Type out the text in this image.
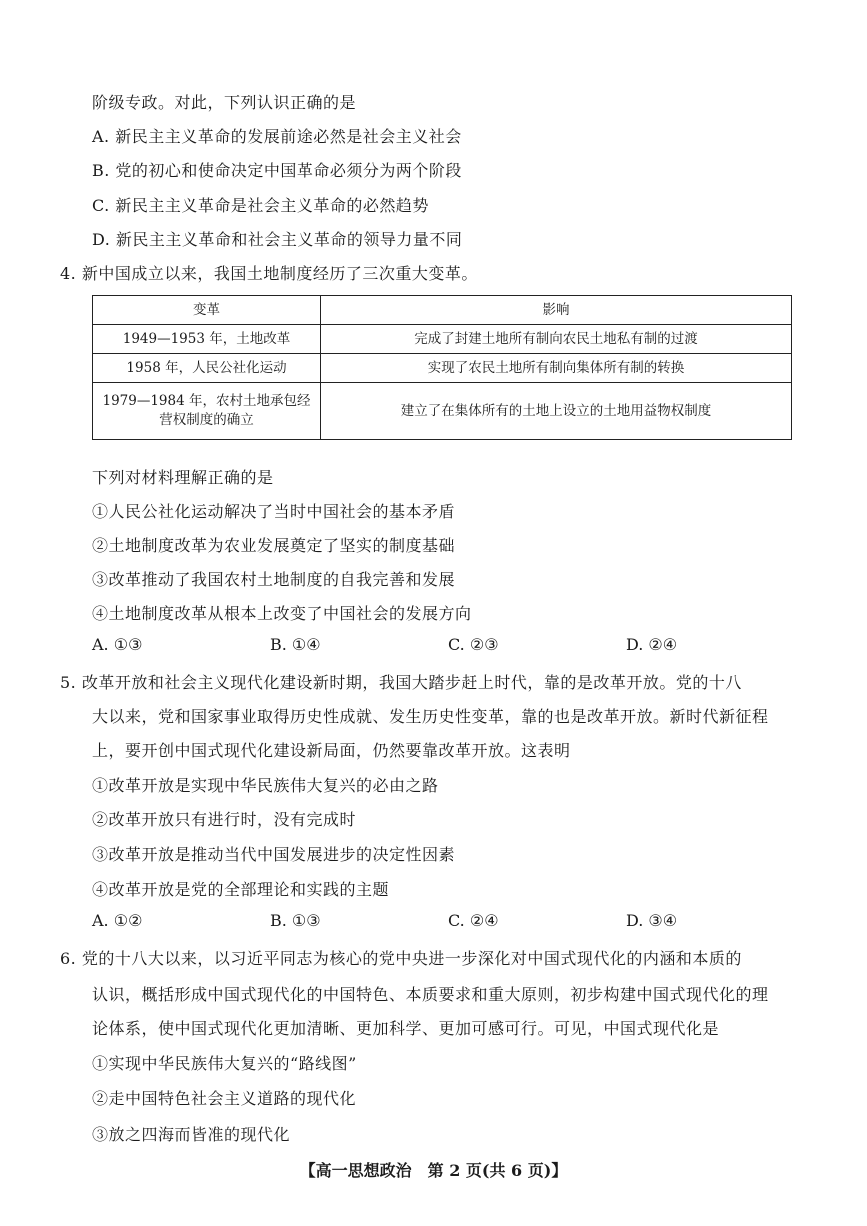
阶级专政。对此，下列认识正确的是
A. 新民主主义革命的发展前途必然是社会主义社会
B. 党的初心和使命决定中国革命必须分为两个阶段
C. 新民主主义革命是社会主义革命的必然趋势
D. 新民主主义革命和社会主义革命的领导力量不同
4. 新中国成立以来，我国土地制度经历了三次重大变革。
变革	影响
1949—1953 年，土地改革	完成了封建土地所有制向农民土地私有制的过渡
1958 年，人民公社化运动	实现了农民土地所有制向集体所有制的转换
1979—1984 年，农村土地承包经营权制度的确立	建立了在集体所有的土地上设立的土地用益物权制度
下列对材料理解正确的是
①人民公社化运动解决了当时中国社会的基本矛盾
②土地制度改革为农业发展奠定了坚实的制度基础
③改革推动了我国农村土地制度的自我完善和发展
④土地制度改革从根本上改变了中国社会的发展方向
A. ①③	B. ①④	C. ②③	D. ②④
5. 改革开放和社会主义现代化建设新时期，我国大踏步赶上时代，靠的是改革开放。党的十八
大以来，党和国家事业取得历史性成就、发生历史性变革，靠的也是改革开放。新时代新征程
上，要开创中国式现代化建设新局面，仍然要靠改革开放。这表明
①改革开放是实现中华民族伟大复兴的必由之路
②改革开放只有进行时，没有完成时
③改革开放是推动当代中国发展进步的决定性因素
④改革开放是党的全部理论和实践的主题
A. ①②	B. ①③	C. ②④	D. ③④
6. 党的十八大以来，以习近平同志为核心的党中央进一步深化对中国式现代化的内涵和本质的
认识，概括形成中国式现代化的中国特色、本质要求和重大原则，初步构建中国式现代化的理
论体系，使中国式现代化更加清晰、更加科学、更加可感可行。可见，中国式现代化是
①实现中华民族伟大复兴的“路线图”
②走中国特色社会主义道路的现代化
③放之四海而皆准的现代化
【高一思想政治　第 2 页(共 6 页)】
